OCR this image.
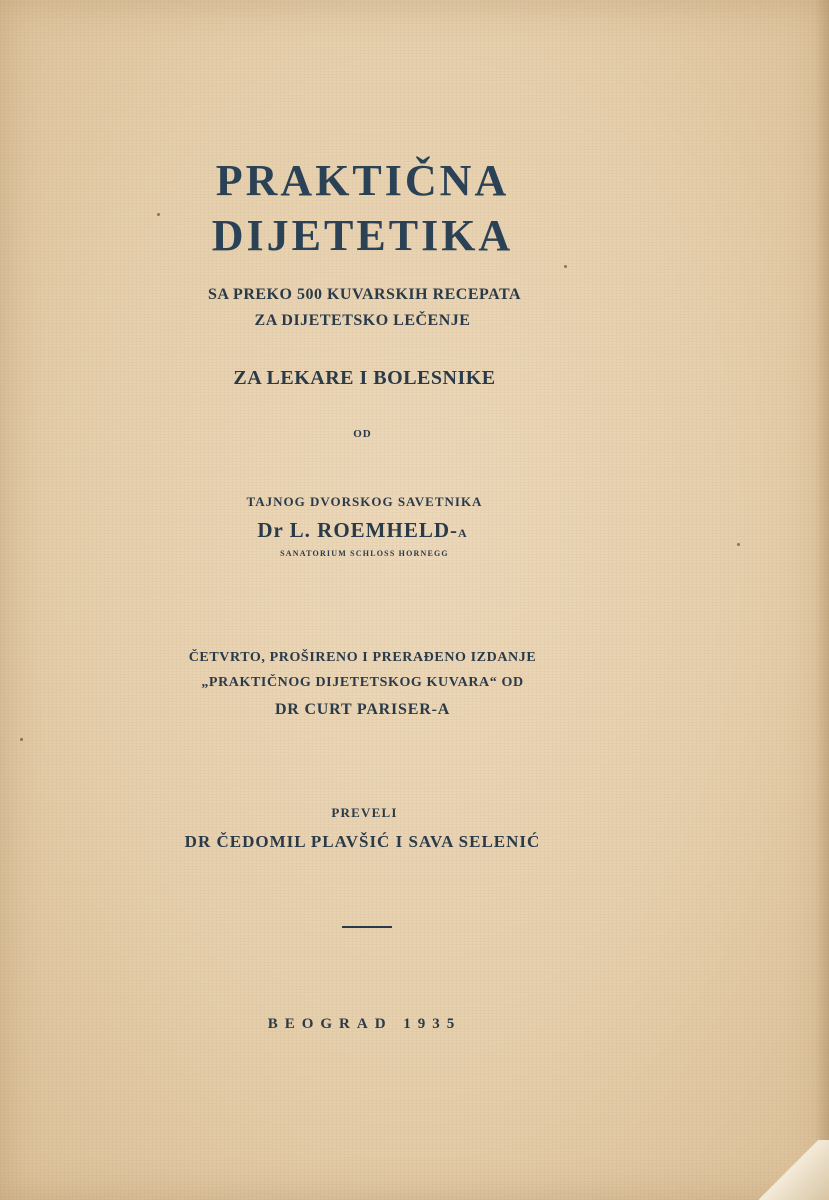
PRAKTIČNA
DIJETETIKA
SA PREKO 500 KUVARSKIH RECEPATA
ZA DIJETETSKO LEČENJE
ZA LEKARE I BOLESNIKE
OD
TAJNOG DVORSKOG SAVETNIKA
Dr L. ROEMHELD-A
SANATORIUM SCHLOSS HORNEGG
ČETVRTO, PROŠIRENO I PRERAĐENO IZDANJE
„PRAKTIČNOG DIJETETSKOG KUVARA“ OD
DR CURT PARISER-A
PREVELI
DR ČEDOMIL PLAVŠIĆ I SAVA SELENIĆ
BEOGRAD 1935
